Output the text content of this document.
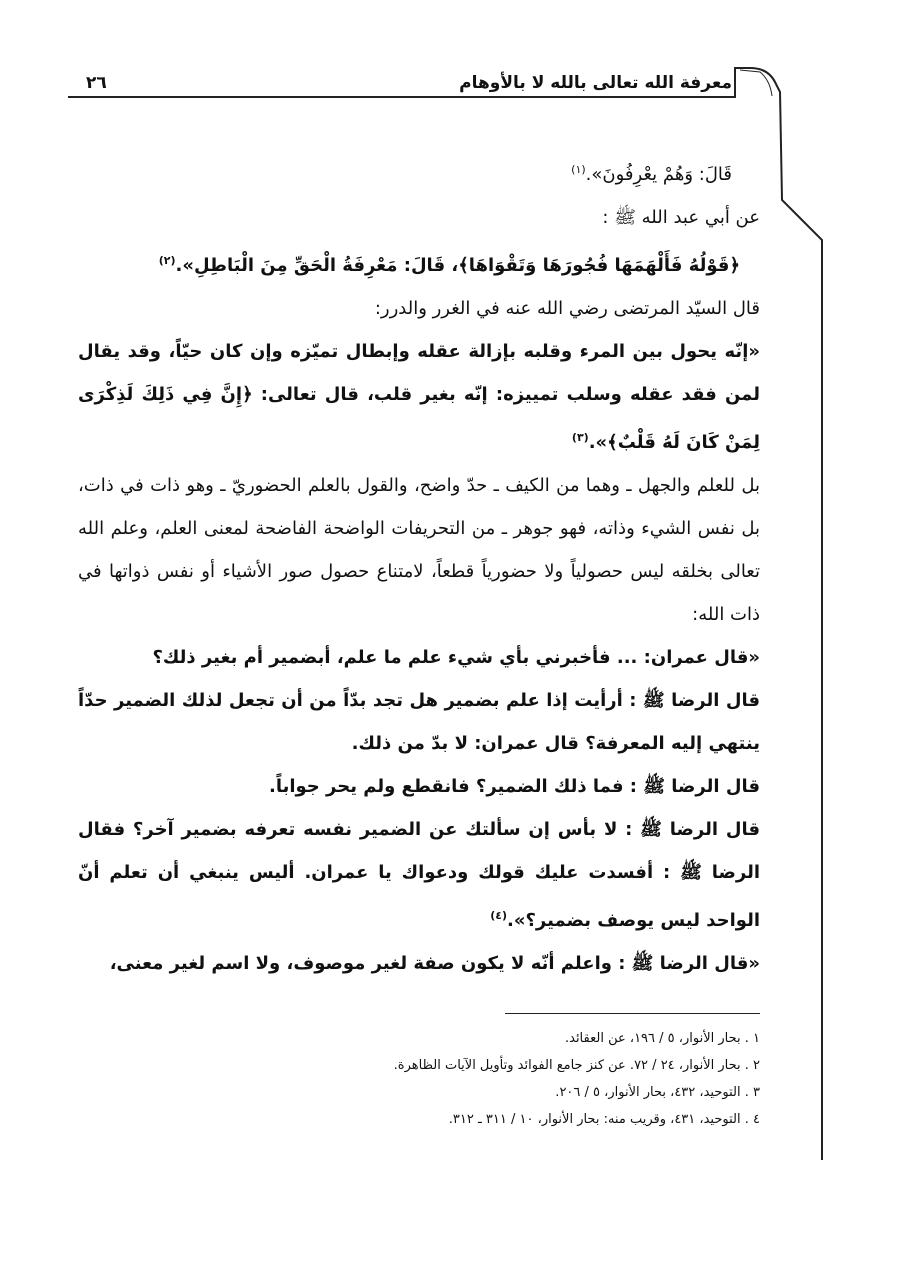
معرفة الله تعالى بالله لا بالأوهام
٢٦

قَالَ: وَهُمْ يعْرِفُونَ».$^{(١)}$

عن أبي عبد الله ﷺ :

﴿قَوْلُهُ فَأَلْهَمَهَا فُجُورَهَا وَتَقْوَاهَا﴾، قَالَ: مَعْرِفَةُ الْحَقِّ مِنَ الْبَاطِلِ».$^{(٢)}$

قال السيّد المرتضى رضي الله عنه في الغرر والدرر:

«إنّه يحول بين المرء وقلبه بإزالة عقله وإبطال تميّزه وإن كان حيّاً، وقد يقال لمن فقد عقله وسلب تمييزه: إنّه بغير قلب، قال تعالى: ﴿إِنَّ فِي ذَلِكَ لَذِكْرَى لِمَنْ كَانَ لَهُ قَلْبٌ﴾».$^{(٣)}$

بل للعلم والجهل ـ وهما من الكيف ـ حدّ واضح، والقول بالعلم الحضوريّ ـ وهو ذات في ذات، بل نفس الشيء وذاته، فهو جوهر ـ من التحريفات الواضحة الفاضحة لمعنى العلم، وعلم الله تعالى بخلقه ليس حصولياً ولا حضورياً قطعاً، لامتناع حصول صور الأشياء أو نفس ذواتها في ذات الله:

«قال عمران: ... فأخبرني بأي شيء علم ما علم، أبضمير أم بغير ذلك؟

قال الرضا ﷺ : أرأيت إذا علم بضمير هل تجد بدّاً من أن تجعل لذلك الضمير حدّاً ينتهي إليه المعرفة؟ قال عمران: لا بدّ من ذلك.

قال الرضا ﷺ : فما ذلك الضمير؟ فانقطع ولم يحر جواباً.

قال الرضا ﷺ : لا بأس إن سألتك عن الضمير نفسه تعرفه بضمير آخر؟ فقال الرضا ﷺ : أفسدت عليك قولك ودعواك يا عمران. أليس ينبغي أن تعلم أنّ الواحد ليس يوصف بضمير؟».$^{(٤)}$

«قال الرضا ﷺ : واعلم أنّه لا يكون صفة لغير موصوف، ولا اسم لغير معنى،

١ . بحار الأنوار، ٥ / ١٩٦، عن العقائد.

٢ . بحار الأنوار، ٢٤ / ٧٢. عن كنز جامع الفوائد وتأويل الآيات الظاهرة.

٣ . التوحيد، ٤٣٢، بحار الأنوار، ٥ / ٢٠٦.

٤ . التوحيد، ٤٣١، وقريب منه: بحار الأنوار، ١٠ / ٣١١ ـ ٣١٢.
